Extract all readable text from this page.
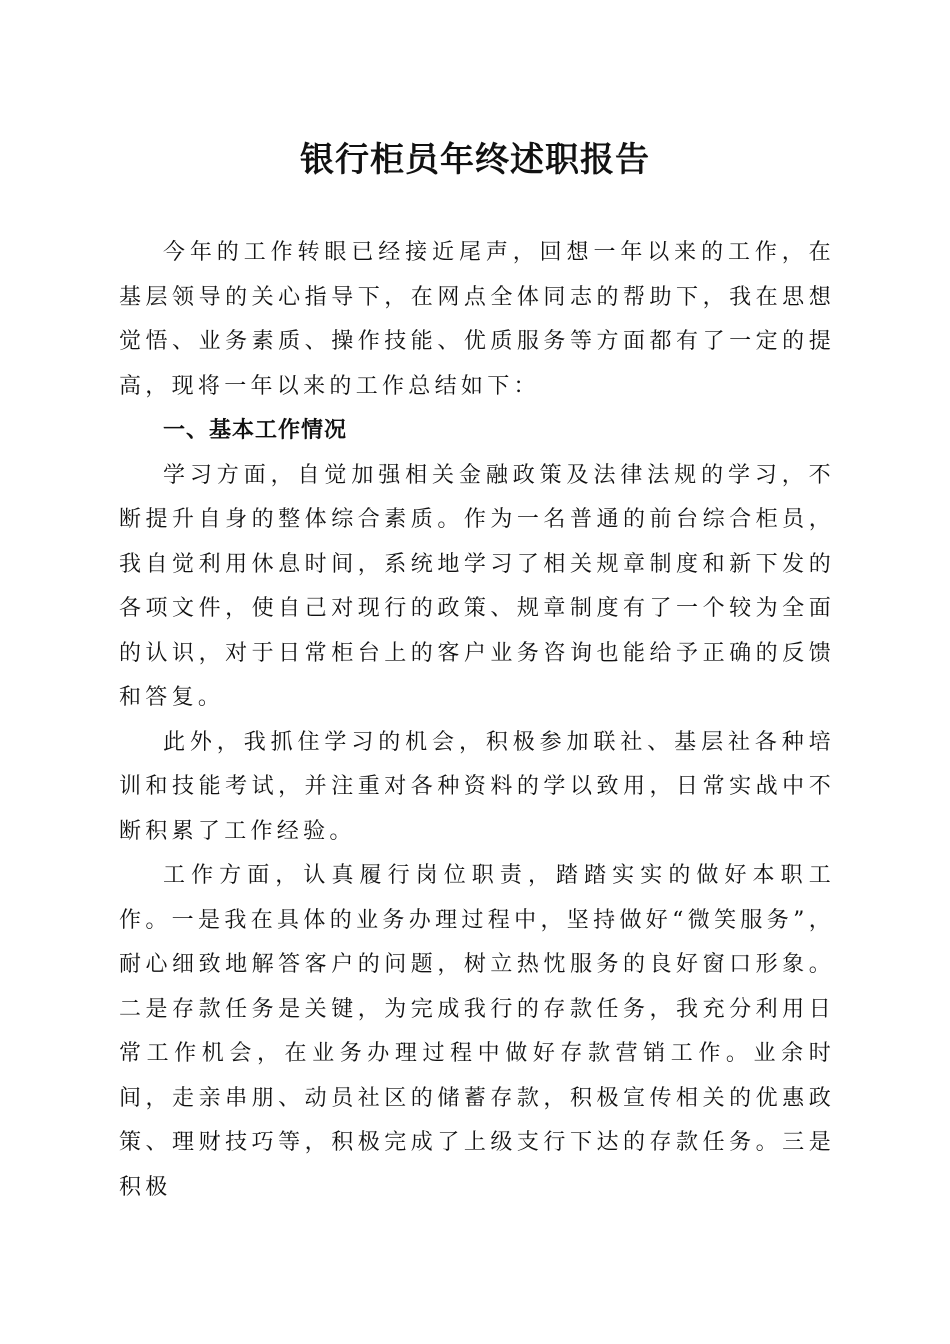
银行柜员年终述职报告

今年的工作转眼已经接近尾声，回想一年以来的工作，在基层领导的关心指导下，在网点全体同志的帮助下，我在思想觉悟、业务素质、操作技能、优质服务等方面都有了一定的提高，现将一年以来的工作总结如下：

一、基本工作情况

学习方面，自觉加强相关金融政策及法律法规的学习，不断提升自身的整体综合素质。作为一名普通的前台综合柜员，我自觉利用休息时间，系统地学习了相关规章制度和新下发的各项文件，使自己对现行的政策、规章制度有了一个较为全面的认识，对于日常柜台上的客户业务咨询也能给予正确的反馈和答复。

此外，我抓住学习的机会，积极参加联社、基层社各种培训和技能考试，并注重对各种资料的学以致用，日常实战中不断积累了工作经验。

工作方面，认真履行岗位职责，踏踏实实的做好本职工作。一是我在具体的业务办理过程中，坚持做好“微笑服务”，耐心细致地解答客户的问题，树立热忱服务的良好窗口形象。二是存款任务是关键，为完成我行的存款任务，我充分利用日常工作机会，在业务办理过程中做好存款营销工作。业余时间，走亲串朋、动员社区的储蓄存款，积极宣传相关的优惠政策、理财技巧等，积极完成了上级支行下达的存款任务。三是积极
